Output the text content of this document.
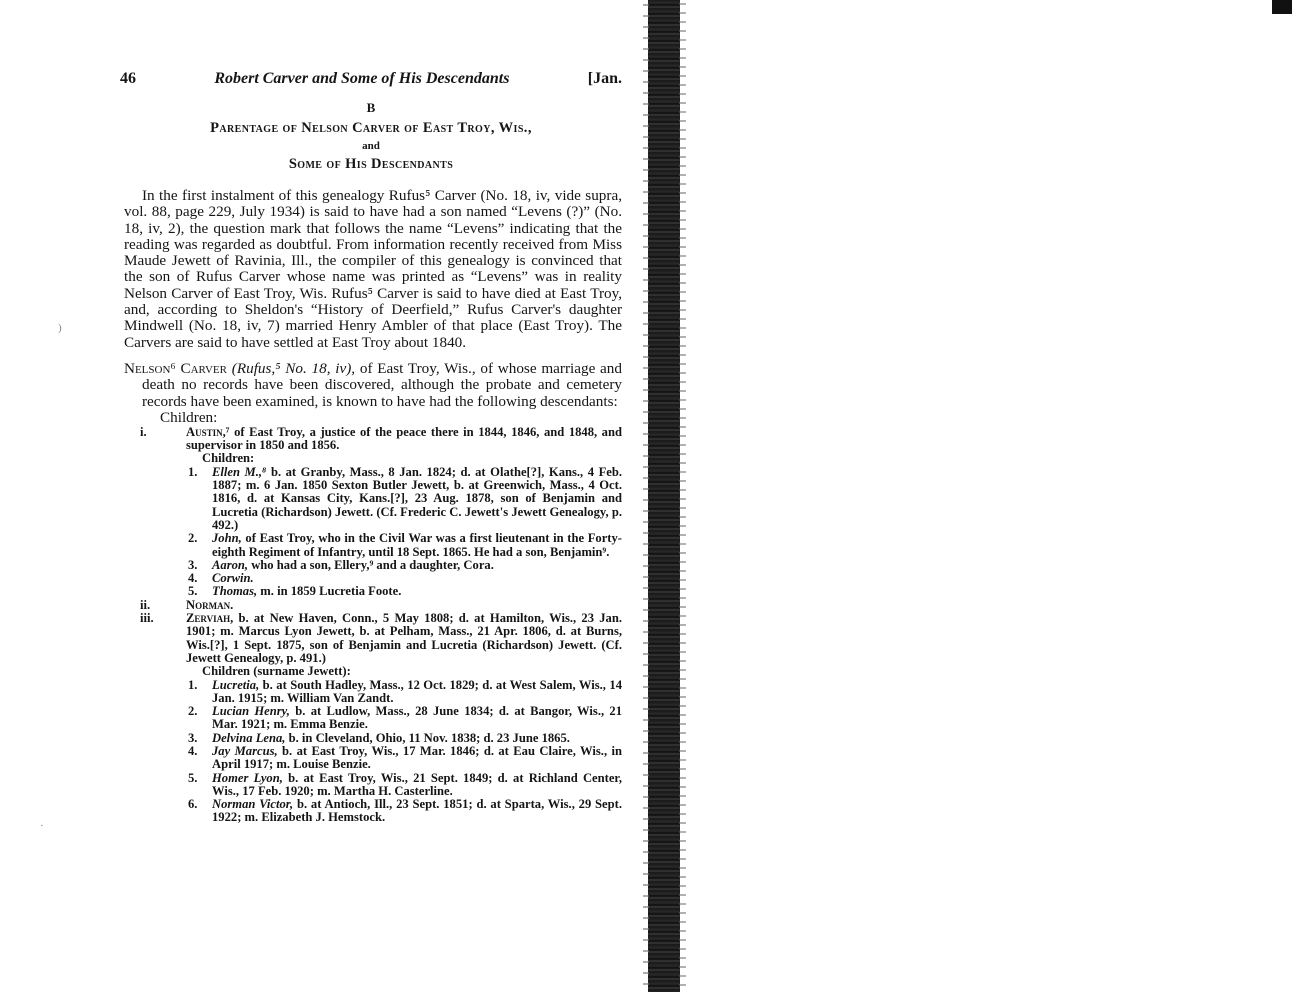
46	Robert Carver and Some of His Descendants	[Jan.
B
Parentage of Nelson Carver of East Troy, Wis.,
and
Some of His Descendants

In the first instalment of this genealogy Rufus⁵ Carver (No. 18, iv, vide supra, vol. 88, page 229, July 1934) is said to have had a son named “Levens (?)” (No. 18, iv, 2), the question mark that follows the name “Levens” indicating that the reading was regarded as doubtful. From information recently received from Miss Maude Jewett of Ravinia, Ill., the compiler of this genealogy is convinced that the son of Rufus Carver whose name was printed as “Levens” was in reality Nelson Carver of East Troy, Wis. Rufus⁵ Carver is said to have died at East Troy, and, according to Sheldon's “History of Deerfield,” Rufus Carver's daughter Mindwell (No. 18, iv, 7) married Henry Ambler of that place (East Troy). The Carvers are said to have settled at East Troy about 1840.

Nelson⁶ Carver (Rufus,⁵ No. 18, iv), of East Troy, Wis., of whose marriage and death no records have been discovered, although the probate and cemetery records have been examined, is known to have had the following descendants:

Children:
i.	Austin,⁷ of East Troy, a justice of the peace there in 1844, 1846, and 1848, and supervisor in 1850 and 1856.
Children:
1.	Ellen M.,⁸ b. at Granby, Mass., 8 Jan. 1824; d. at Olathe[?], Kans., 4 Feb. 1887; m. 6 Jan. 1850 Sexton Butler Jewett, b. at Greenwich, Mass., 4 Oct. 1816, d. at Kansas City, Kans.[?], 23 Aug. 1878, son of Benjamin and Lucretia (Richardson) Jewett. (Cf. Frederic C. Jewett's Jewett Genealogy, p. 492.)
2.	John, of East Troy, who in the Civil War was a first lieutenant in the Forty-eighth Regiment of Infantry, until 18 Sept. 1865. He had a son, Benjamin⁹.
3.	Aaron, who had a son, Ellery,⁹ and a daughter, Cora.
4.	Corwin.
5.	Thomas, m. in 1859 Lucretia Foote.
ii.	Norman.
iii.	Zerviah, b. at New Haven, Conn., 5 May 1808; d. at Hamilton, Wis., 23 Jan. 1901; m. Marcus Lyon Jewett, b. at Pelham, Mass., 21 Apr. 1806, d. at Burns, Wis.[?], 1 Sept. 1875, son of Benjamin and Lucretia (Richardson) Jewett. (Cf. Jewett Genealogy, p. 491.)
Children (surname Jewett):
1.	Lucretia, b. at South Hadley, Mass., 12 Oct. 1829; d. at West Salem, Wis., 14 Jan. 1915; m. William Van Zandt.
2.	Lucian Henry, b. at Ludlow, Mass., 28 June 1834; d. at Bangor, Wis., 21 Mar. 1921; m. Emma Benzie.
3.	Delvina Lena, b. in Cleveland, Ohio, 11 Nov. 1838; d. 23 June 1865.
4.	Jay Marcus, b. at East Troy, Wis., 17 Mar. 1846; d. at Eau Claire, Wis., in April 1917; m. Louise Benzie.
5.	Homer Lyon, b. at East Troy, Wis., 21 Sept. 1849; d. at Richland Center, Wis., 17 Feb. 1920; m. Martha H. Casterline.
6.	Norman Victor, b. at Antioch, Ill., 23 Sept. 1851; d. at Sparta, Wis., 29 Sept. 1922; m. Elizabeth J. Hemstock.
)
·
